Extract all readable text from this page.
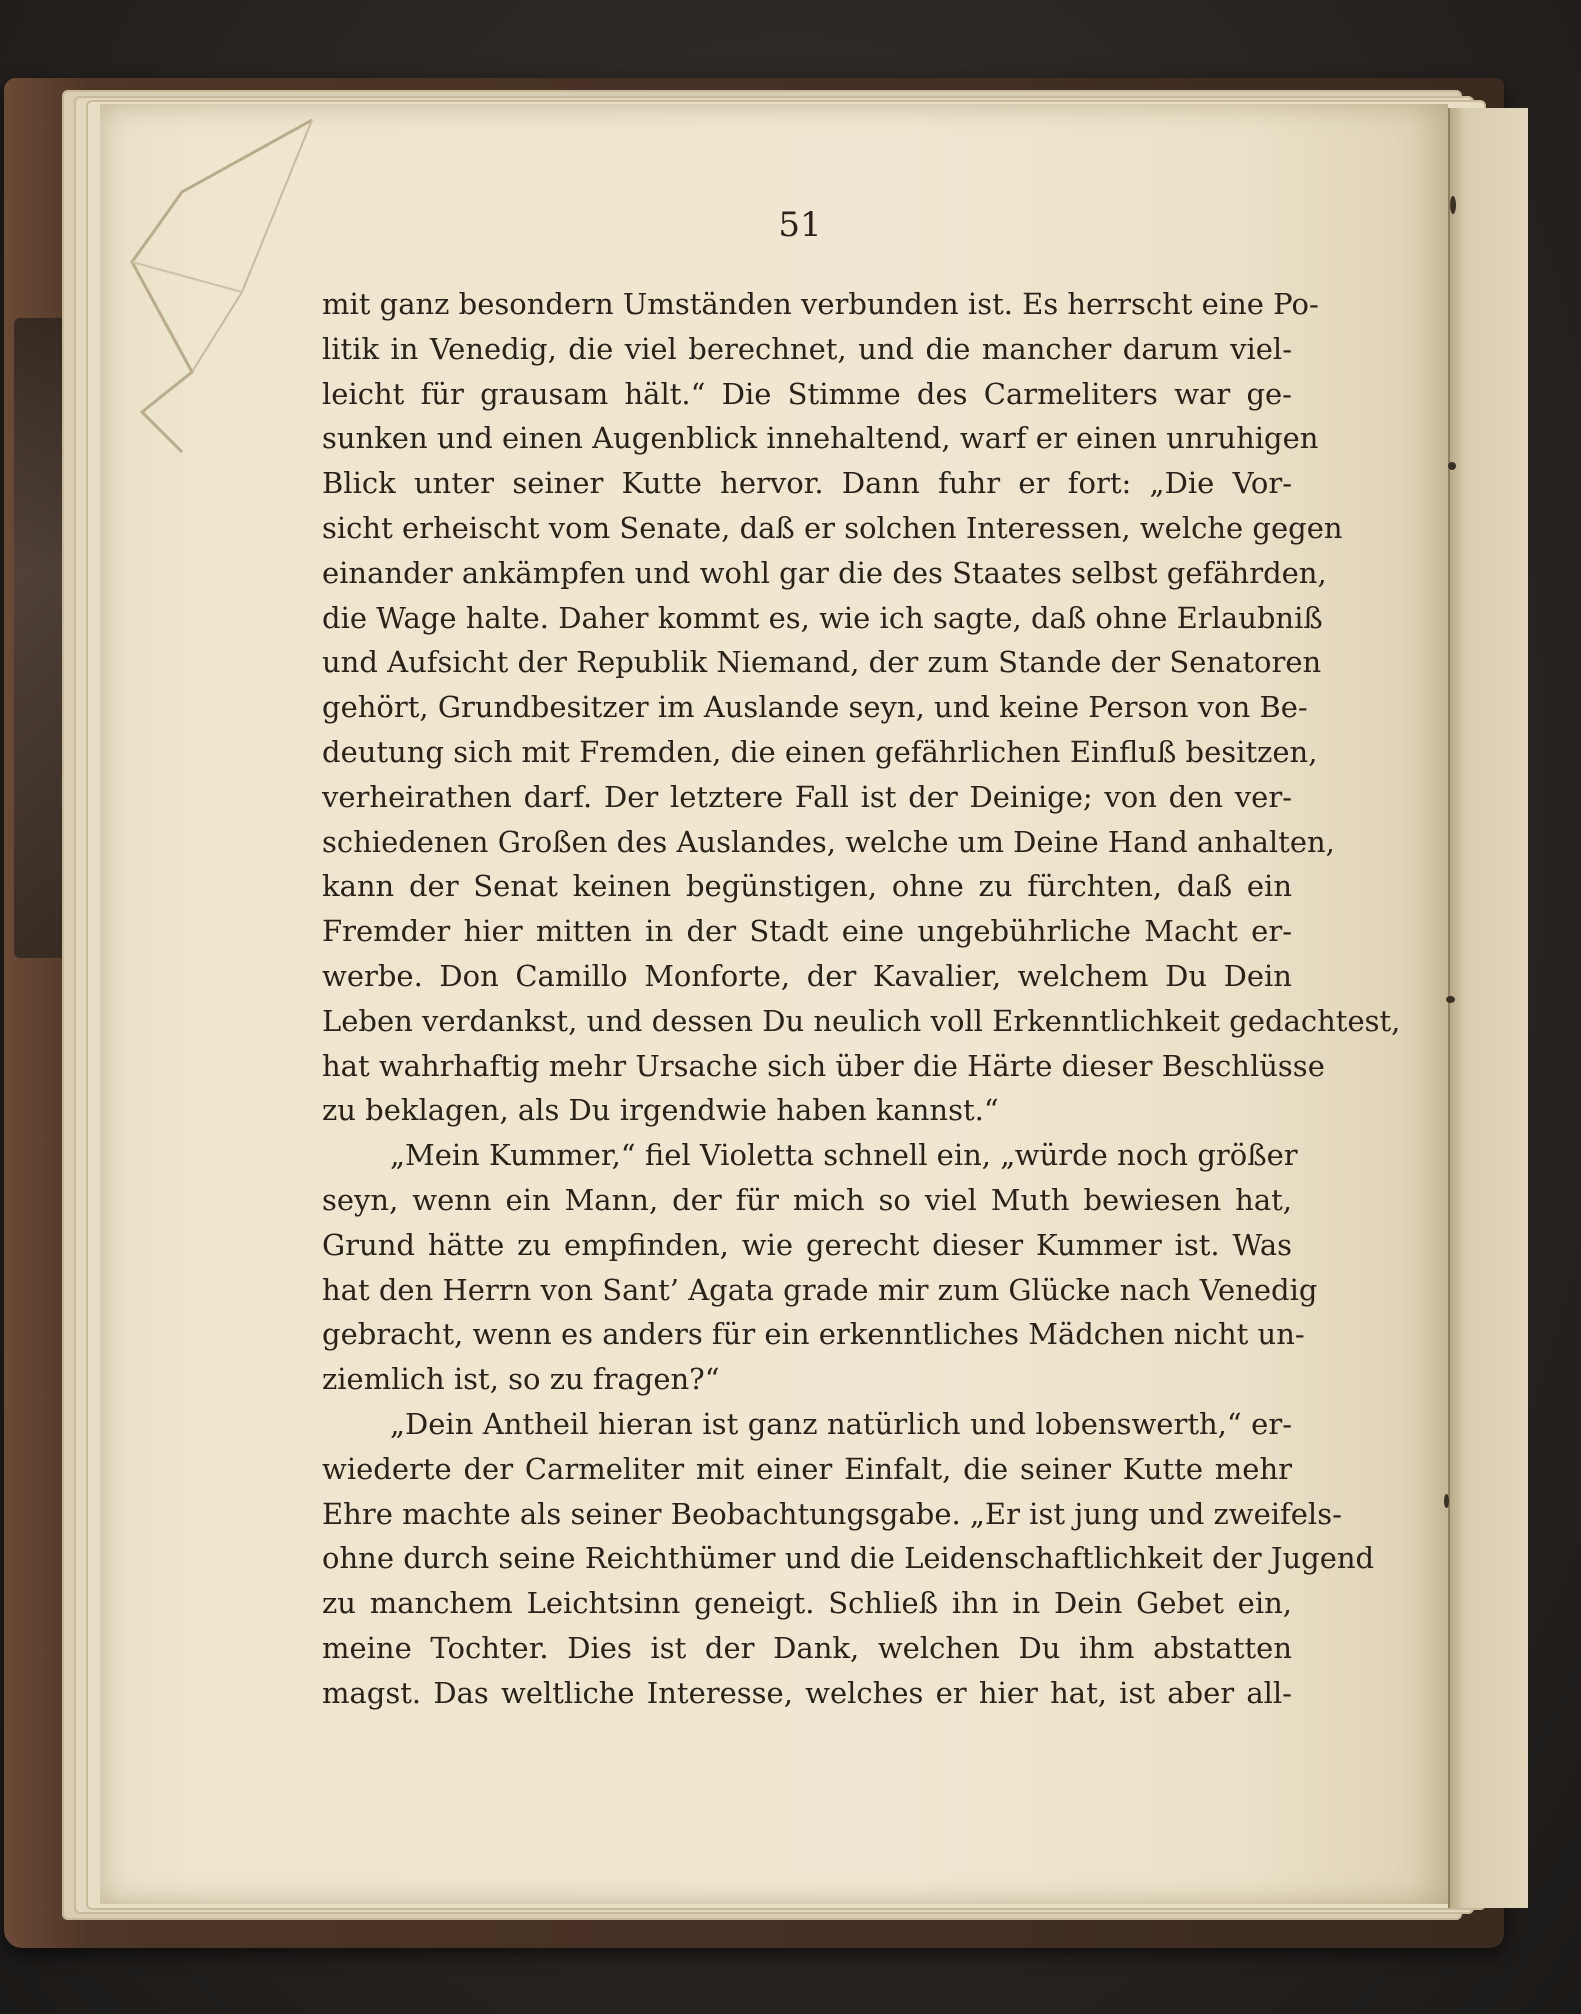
51
mit ganz besondern Umständen verbunden ist. Es herrscht eine Po-
litik in Venedig, die viel berechnet, und die mancher darum viel-
leicht für grausam hält.“ Die Stimme des Carmeliters war ge-
sunken und einen Augenblick innehaltend, warf er einen unruhigen
Blick unter seiner Kutte hervor. Dann fuhr er fort: „Die Vor-
sicht erheischt vom Senate, daß er solchen Interessen, welche gegen
einander ankämpfen und wohl gar die des Staates selbst gefährden,
die Wage halte. Daher kommt es, wie ich sagte, daß ohne Erlaubniß
und Aufsicht der Republik Niemand, der zum Stande der Senatoren
gehört, Grundbesitzer im Auslande seyn, und keine Person von Be-
deutung sich mit Fremden, die einen gefährlichen Einfluß besitzen,
verheirathen darf. Der letztere Fall ist der Deinige; von den ver-
schiedenen Großen des Auslandes, welche um Deine Hand anhalten,
kann der Senat keinen begünstigen, ohne zu fürchten, daß ein
Fremder hier mitten in der Stadt eine ungebührliche Macht er-
werbe. Don Camillo Monforte, der Kavalier, welchem Du Dein
Leben verdankst, und dessen Du neulich voll Erkenntlichkeit gedachtest,
hat wahrhaftig mehr Ursache sich über die Härte dieser Beschlüsse
zu beklagen, als Du irgendwie haben kannst.“
„Mein Kummer,“ fiel Violetta schnell ein, „würde noch größer
seyn, wenn ein Mann, der für mich so viel Muth bewiesen hat,
Grund hätte zu empfinden, wie gerecht dieser Kummer ist. Was
hat den Herrn von Sant’ Agata grade mir zum Glücke nach Venedig
gebracht, wenn es anders für ein erkenntliches Mädchen nicht un-
ziemlich ist, so zu fragen?“
„Dein Antheil hieran ist ganz natürlich und lobenswerth,“ er-
wiederte der Carmeliter mit einer Einfalt, die seiner Kutte mehr
Ehre machte als seiner Beobachtungsgabe. „Er ist jung und zweifels-
ohne durch seine Reichthümer und die Leidenschaftlichkeit der Jugend
zu manchem Leichtsinn geneigt. Schließ ihn in Dein Gebet ein,
meine Tochter. Dies ist der Dank, welchen Du ihm abstatten
magst. Das weltliche Interesse, welches er hier hat, ist aber all-
